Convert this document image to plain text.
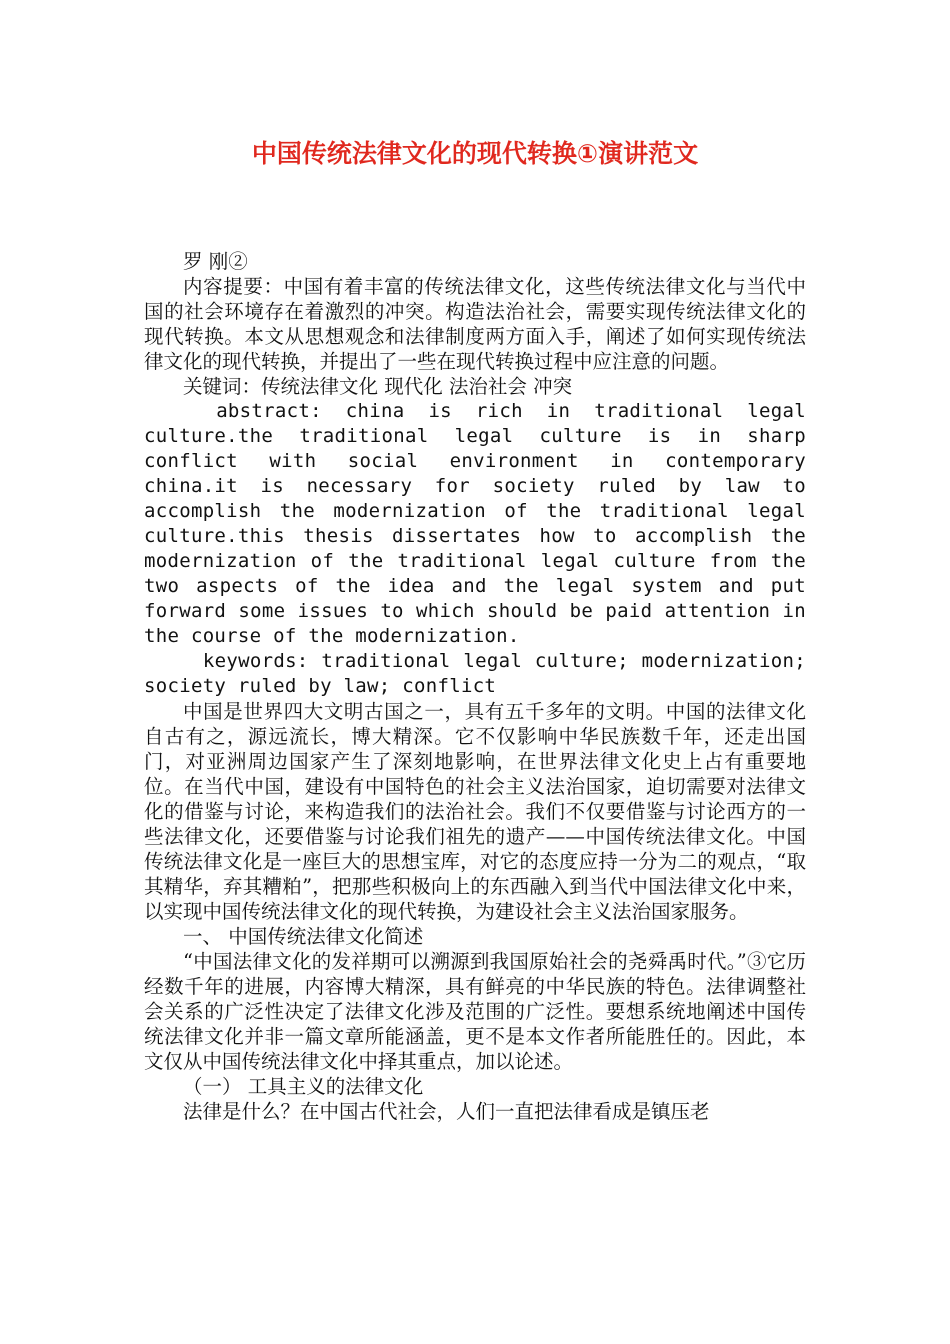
中国传统法律文化的现代转换①演讲范文

罗 刚②

内容提要：中国有着丰富的传统法律文化，这些传统法律文化与当代中国的社会环境存在着激烈的冲突。构造法治社会，需要实现传统法律文化的现代转换。本文从思想观念和法律制度两方面入手，阐述了如何实现传统法律文化的现代转换，并提出了一些在现代转换过程中应注意的问题。

关键词：传统法律文化 现代化 法治社会 冲突

abstract: china is rich in traditional legal culture.the traditional legal culture is in sharp conflict with social environment in contemporary china.it is necessary for society ruled by law to accomplish the modernization of the traditional legal culture.this thesis dissertates how to accomplish the modernization of the traditional legal culture from the two aspects of the idea and the legal system and put forward some issues to which should be paid attention in the course of the modernization.

keywords: traditional legal culture; modernization; society ruled by law; conflict

中国是世界四大文明古国之一，具有五千多年的文明。中国的法律文化自古有之，源远流长，博大精深。它不仅影响中华民族数千年，还走出国门，对亚洲周边国家产生了深刻地影响，在世界法律文化史上占有重要地位。在当代中国，建设有中国特色的社会主义法治国家，迫切需要对法律文化的借鉴与讨论，来构造我们的法治社会。我们不仅要借鉴与讨论西方的一些法律文化，还要借鉴与讨论我们祖先的遗产——中国传统法律文化。中国传统法律文化是一座巨大的思想宝库，对它的态度应持一分为二的观点，“取其精华，弃其糟粕”，把那些积极向上的东西融入到当代中国法律文化中来，以实现中国传统法律文化的现代转换，为建设社会主义法治国家服务。

一、 中国传统法律文化简述

“中国法律文化的发祥期可以溯源到我国原始社会的尧舜禹时代。”③它历经数千年的进展，内容博大精深，具有鲜亮的中华民族的特色。法律调整社会关系的广泛性决定了法律文化涉及范围的广泛性。要想系统地阐述中国传统法律文化并非一篇文章所能涵盖，更不是本文作者所能胜任的。因此，本文仅从中国传统法律文化中择其重点，加以论述。

（一） 工具主义的法律文化

法律是什么？在中国古代社会，人们一直把法律看成是镇压老
